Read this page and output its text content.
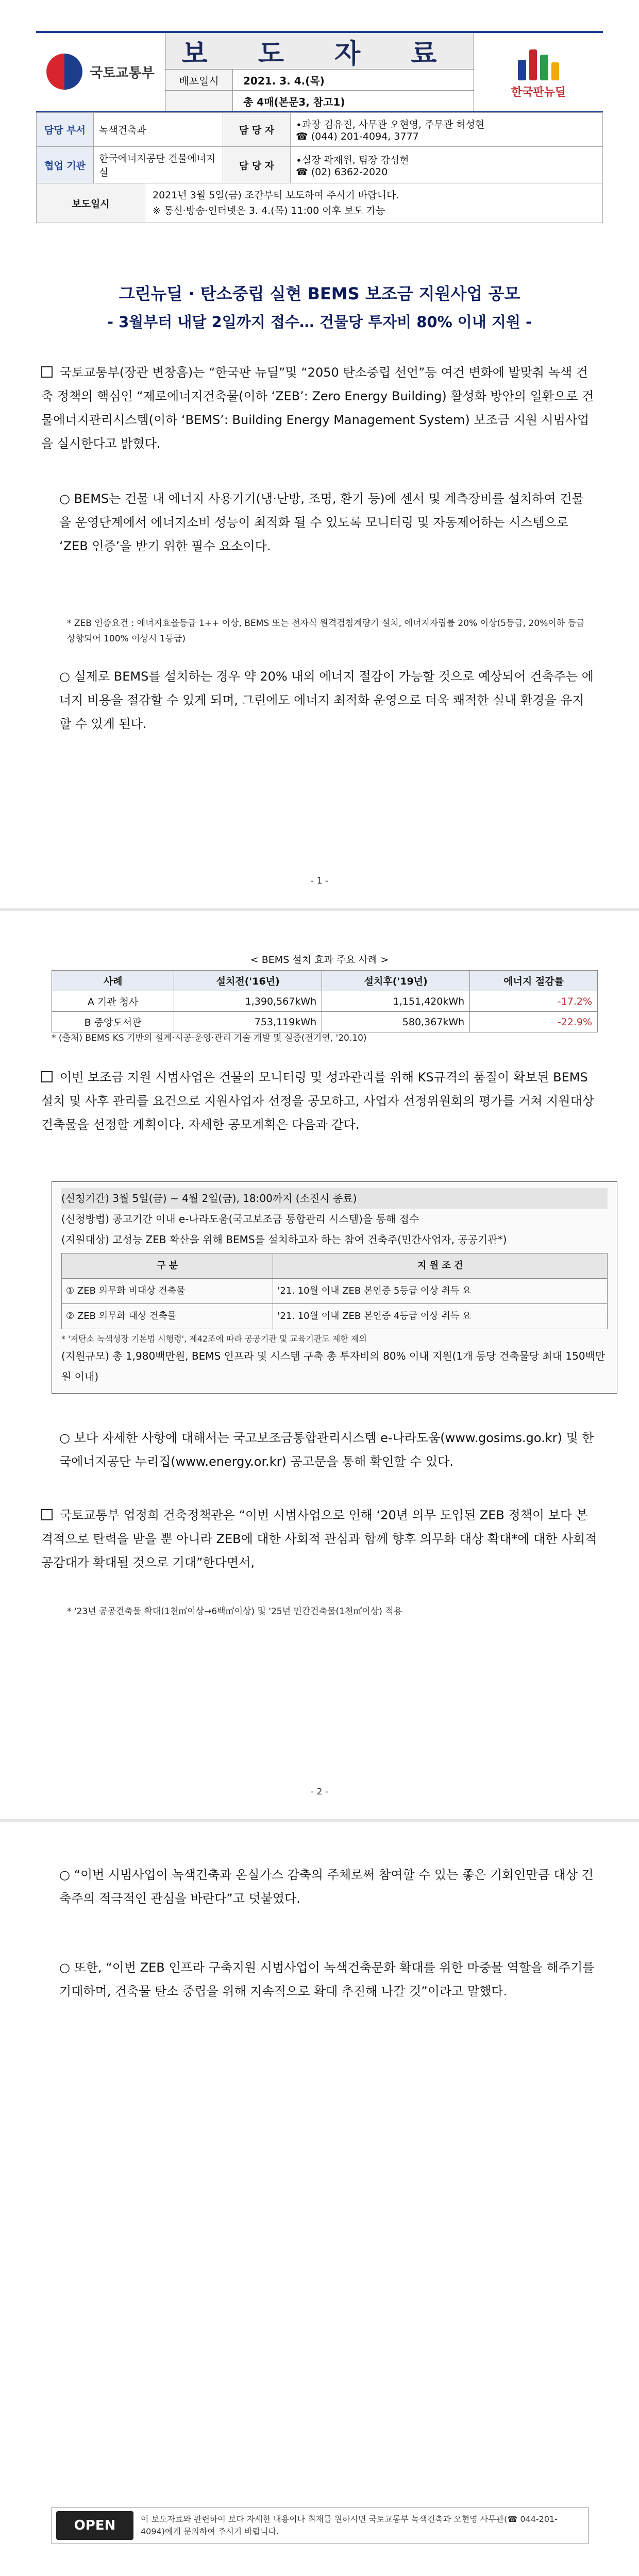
국토교통부
보 도 자 료
배포일시	2021. 3. 4.(목)
총 4매(본문3, 참고1)
한국판뉴딜
담당 부서	녹색건축과	담 당 자	∙과장 김유진, 사무관 오현영, 주무관 허성현
☎ (044) 201-4094, 3777

협업 기관	한국에너지공단 건물에너지실	담 당 자	∙실장 곽재원, 팀장 강성현
☎ (02) 6362-2020
보도일시
2021년 3월 5일(금) 조간부터 보도하여 주시기 바랍니다.
※ 통신·방송·인터넷은 3. 4.(목) 11:00 이후 보도 가능
그린뉴딜 · 탄소중립 실현 BEMS 보조금 지원사업 공모
- 3월부터 내달 2일까지 접수… 건물당 투자비 80% 이내 지원 -
국토교통부(장관 변창흠)는 “한국판 뉴딜”및 “2050 탄소중립 선언”등 여건 변화에 발맞춰 녹색 건축 정책의 핵심인 “제로에너지건축물(이하 ‘ZEB’: Zero Energy Building) 활성화 방안의 일환으로 건물에너지관리시스템(이하 ‘BEMS’: Building Energy Management System) 보조금 지원 시범사업을 실시한다고 밝혔다.
○ BEMS는 건물 내 에너지 사용기기(냉·난방, 조명, 환기 등)에 센서 및 계측장비를 설치하여 건물을 운영단계에서 에너지소비 성능이 최적화 될 수 있도록 모니터링 및 자동제어하는 시스템으로 ‘ZEB 인증’을 받기 위한 필수 요소이다.
* ZEB 인증요건 : 에너지효율등급 1++ 이상, BEMS 또는 전자식 원격검침계량기 설치, 에너지자립률 20% 이상(5등급, 20%이하 등급 상향되어 100% 이상시 1등급)
○ 실제로 BEMS를 설치하는 경우 약 20% 내외 에너지 절감이 가능할 것으로 예상되어 건축주는 에너지 비용을 절감할 수 있게 되며, 그린에도 에너지 최적화 운영으로 더욱 쾌적한 실내 환경을 유지할 수 있게 된다.
- 1 -
< BEMS 설치 효과 주요 사례 >
사례	설치전('16년)	설치후('19년)	에너지 절감률
A 기관 청사	1,390,567kWh	1,151,420kWh	-17.2%
B 중앙도서관	753,119kWh	580,367kWh	-22.9%
* (출처) BEMS KS 기반의 설계·시공·운영·관리 기술 개발 및 실증(전기연, '20.10)
이번 보조금 지원 시범사업은 건물의 모니터링 및 성과관리를 위해 KS규격의 품질이 확보된 BEMS 설치 및 사후 관리를 요건으로 지원사업자 선정을 공모하고, 사업자 선정위원회의 평가를 거쳐 지원대상 건축물을 선정할 계획이다. 자세한 공모계획은 다음과 같다.
(신청기간) 3월 5일(금) ~ 4월 2일(금), 18:00까지 (소진시 종료)
(신청방법) 공고기간 이내 e-나라도움(국고보조금 통합관리 시스템)을 통해 접수
(지원대상) 고성능 ZEB 확산을 위해 BEMS를 설치하고자 하는 참여 건축주(민간사업자, 공공기관*)
구 분	지 원 조 건
① ZEB 의무화 비대상 건축물	'21. 10월 이내 ZEB 본인증 5등급 이상 취득 요
② ZEB 의무화 대상 건축물	'21. 10월 이내 ZEB 본인증 4등급 이상 취득 요
* '저탄소 녹색성장 기본법 시행령', 제42조에 따라 공공기관 및 교육기관도 제한 제외
(지원규모) 총 1,980백만원, BEMS 인프라 및 시스템 구축 총 투자비의 80% 이내 지원(1개 동당 건축물당 최대 150백만원 이내)
○ 보다 자세한 사항에 대해서는 국고보조금통합관리시스템 e-나라도움(www.gosims.go.kr) 및 한국에너지공단 누리집(www.energy.or.kr) 공고문을 통해 확인할 수 있다.
국토교통부 업정희 건축정책관은 “이번 시범사업으로 인해 ‘20년 의무 도입된 ZEB 정책이 보다 본격적으로 탄력을 받을 뿐 아니라 ZEB에 대한 사회적 관심과 함께 향후 의무화 대상 확대*에 대한 사회적 공감대가 확대될 것으로 기대”한다면서,
* '23년 공공건축물 확대(1천㎡이상→6백㎡이상) 및 '25년 민간건축물(1천㎡이상) 적용
- 2 -
○ “이번 시범사업이 녹색건축과 온실가스 감축의 주체로써 참여할 수 있는 좋은 기회인만큼 대상 건축주의 적극적인 관심을 바란다”고 덧붙였다.
○ 또한, “이번 ZEB 인프라 구축지원 시범사업이 녹색건축문화 확대를 위한 마중물 역할을 해주기를 기대하며, 건축물 탄소 중립을 위해 지속적으로 확대 추진해 나갈 것”이라고 말했다.
OPEN	이 보도자료와 관련하여 보다 자세한 내용이나 취재를 원하시면 국토교통부 녹색건축과 오현영 사무관(☎ 044-201-4094)에게 문의하여 주시기 바랍니다.
